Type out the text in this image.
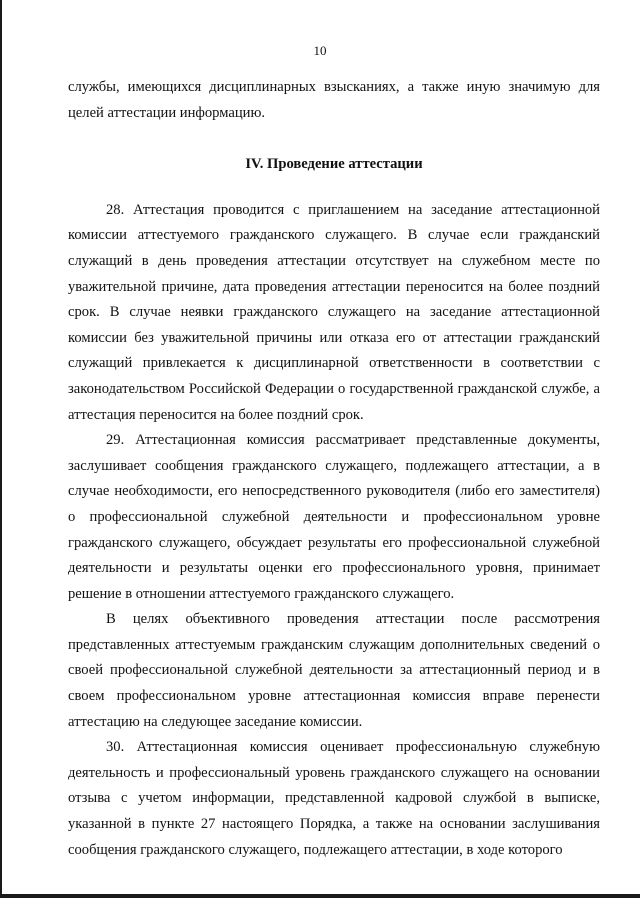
10

службы, имеющихся дисциплинарных взысканиях, а также иную значимую для целей аттестации информацию.

IV. Проведение аттестации

28. Аттестация проводится с приглашением на заседание аттестационной комиссии аттестуемого гражданского служащего. В случае если гражданский служащий в день проведения аттестации отсутствует на служебном месте по уважительной причине, дата проведения аттестации переносится на более поздний срок. В случае неявки гражданского служащего на заседание аттестационной комиссии без уважительной причины или отказа его от аттестации гражданский служащий привлекается к дисциплинарной ответственности в соответствии с законодательством Российской Федерации о государственной гражданской службе, а аттестация переносится на более поздний срок.

29. Аттестационная комиссия рассматривает представленные документы, заслушивает сообщения гражданского служащего, подлежащего аттестации, а в случае необходимости, его непосредственного руководителя (либо его заместителя) о профессиональной служебной деятельности и профессиональном уровне гражданского служащего, обсуждает результаты его профессиональной служебной деятельности и результаты оценки его профессионального уровня, принимает решение в отношении аттестуемого гражданского служащего.

В целях объективного проведения аттестации после рассмотрения представленных аттестуемым гражданским служащим дополнительных сведений о своей профессиональной служебной деятельности за аттестационный период и в своем профессиональном уровне аттестационная комиссия вправе перенести аттестацию на следующее заседание комиссии.

30. Аттестационная комиссия оценивает профессиональную служебную деятельность и профессиональный уровень гражданского служащего на основании отзыва с учетом информации, представленной кадровой службой в выписке, указанной в пункте 27 настоящего Порядка, а также на основании заслушивания сообщения гражданского служащего, подлежащего аттестации, в ходе которого
